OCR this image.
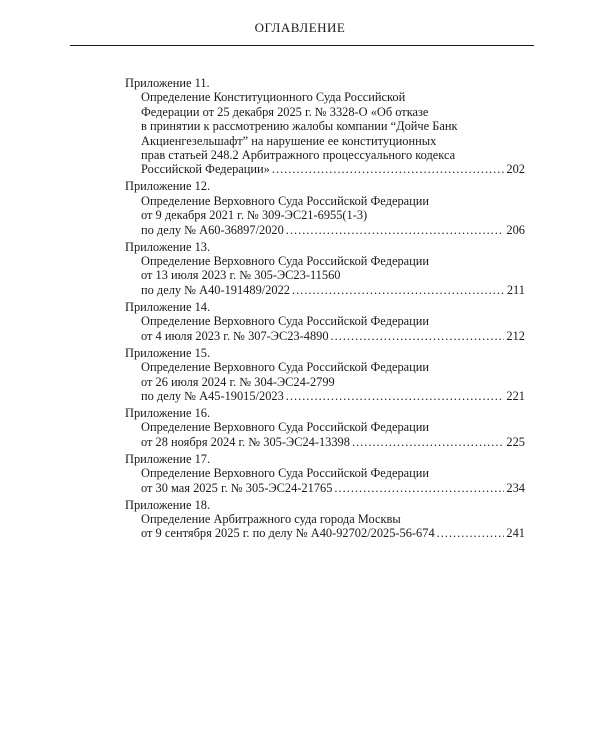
ОГЛАВЛЕНИЕ
Приложение 11.
Определение Конституционного Суда Российской
Федерации от 25 декабря 2025 г. № 3328-О «Об отказе
в принятии к рассмотрению жалобы компании “Дойче Банк
Акциенгезельшафт” на нарушение ее конституционных
прав статьей 248.2 Арбитражного процессуального кодекса
Российской Федерации» .....	202
Приложение 12.
Определение Верховного Суда Российской Федерации
от 9 декабря 2021 г. № 309-ЭС21-6955(1-3)
по делу № А60-36897/2020 .....	206
Приложение 13.
Определение Верховного Суда Российской Федерации
от 13 июля 2023 г. № 305-ЭС23-11560
по делу № А40-191489/2022 .....	211
Приложение 14.
Определение Верховного Суда Российской Федерации
от 4 июля 2023 г. № 307-ЭС23-4890 .....	212
Приложение 15.
Определение Верховного Суда Российской Федерации
от 26 июля 2024 г. № 304-ЭС24-2799
по делу № А45-19015/2023 .....	221
Приложение 16.
Определение Верховного Суда Российской Федерации
от 28 ноября 2024 г. № 305-ЭС24-13398 .....	225
Приложение 17.
Определение Верховного Суда Российской Федерации
от 30 мая 2025 г. № 305-ЭС24-21765 .....	234
Приложение 18.
Определение Арбитражного суда города Москвы
от 9 сентября 2025 г. по делу № А40-92702/2025-56-674 .....	241
